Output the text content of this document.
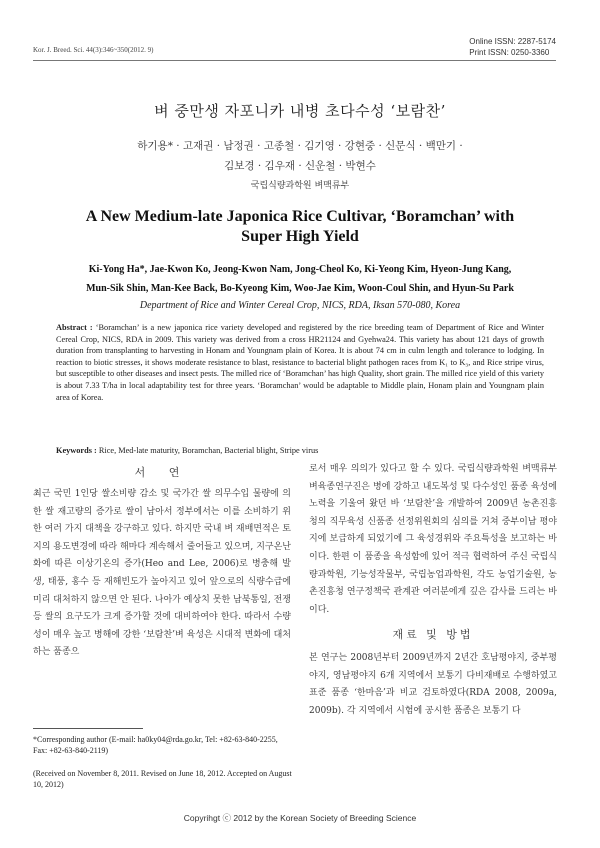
Kor. J. Breed. Sci. 44(3):346~350(2012. 9)
Online ISSN: 2287-5174
Print ISSN: 0250-3360
벼 중만생 자포니카 내병 초다수성 ‘보람찬’
하기용* · 고재권 · 남정권 · 고종철 · 김기영 · 강현중 · 신문식 · 백만기 ·
김보경 · 김우재 · 신운철 · 박현수
국립식량과학원 벼맥류부
A New Medium-late Japonica Rice Cultivar, ‘Boramchan’ with
Super High Yield
Ki-Yong Ha*, Jae-Kwon Ko, Jeong-Kwon Nam, Jong-Cheol Ko, Ki-Yeong Kim, Hyeon-Jung Kang,
Mun-Sik Shin, Man-Kee Back, Bo-Kyeong Kim, Woo-Jae Kim, Woon-Coul Shin, and Hyun-Su Park
Department of Rice and Winter Cereal Crop, NICS, RDA, Iksan 570-080, Korea
Abstract : ‘Boramchan’ is a new japonica rice variety developed and registered by the rice breeding team of Department of Rice and Winter Cereal Crop, NICS, RDA in 2009. This variety was derived from a cross HR21124 and Gyehwa24. This variety has about 121 days of growth duration from transplanting to harvesting in Honam and Youngnam plain of Korea. It is about 74 cm in culm length and tolerance to lodging. In reaction to biotic stresses, it shows moderate resistance to blast, resistance to bacterial blight pathogen races from K₁ to K₃, and Rice stripe virus, but susceptible to other diseases and insect pests. The milled rice of ‘Boramchan’ has high Quality, short grain. The milled rice yield of this variety is about 7.33 T/ha in local adaptability test for three years. ‘Boramchan’ would be adaptable to Middle plain, Honam plain and Youngnam plain area of Korea.
Keywords : Rice, Med-late maturity, Boramchan, Bacterial blight, Stripe virus
서 연
최근 국민 1인당 쌀소비량 감소 및 국가간 쌀 의무수입 물량에 의한 쌀 재고량의 증가로 쌀이 남아서 정부에서는 이를 소비하기 위한 여러 가지 대책을 강구하고 있다. 하지만 국내 벼 재배면적은 토지의 용도변경에 따라 해마다 계속해서 줄어들고 있으며, 지구온난화에 따른 이상기온의 증가(Heo and Lee, 2006)로 병충해 발생, 태풍, 홍수 등 재해빈도가 높아지고 있어 앞으로의 식량수급에 미리 대처하지 않으면 안 된다. 나아가 예상치 못한 남북통일, 전쟁 등 쌀의 요구도가 크게 증가할 것에 대비하여야 한다. 따라서 수량성이 매우 높고 병해에 강한 ‘보람찬’벼 육성은 시대적 변화에 대처하는 품종으
로서 매우 의의가 있다고 할 수 있다. 국립식량과학원 벼맥류부 벼육종연구진은 병에 강하고 내도복성 및 다수성인 품종 육성에 노력을 기울여 왔던 바 ‘보람찬’을 개발하여 2009년 농촌진흥청의 직무육성 신품종 선정위원회의 심의를 거쳐 중부이남 평야지에 보급하게 되었기에 그 육성경위와 주요특성을 보고하는 바이다. 한편 이 품종을 육성함에 있어 적극 협력하여 주신 국립식량과학원, 기능성작물부, 국립농업과학원, 각도 농업기술원, 농촌진흥청 연구정책국 관계관 여러분에게 깊은 감사를 드리는 바이다.
재료 및 방법
본 연구는 2008년부터 2009년까지 2년간 호남평야지, 중부평야지, 영남평야지 6개 지역에서 보통기 다비재배로 수행하였고 표준 품종 ‘한마음’과 비교 검토하였다(RDA 2008, 2009a, 2009b). 각 지역에서 시험에 공시한 품종은 보통기 다
*Corresponding author (E-mail: ha0ky04@rda.go.kr, Tel: +82-63-840-2255, Fax: +82-63-840-2119)
(Received on November 8, 2011. Revised on June 18, 2012. Accepted on August 10, 2012)
Copyrihgt ⓒ 2012 by the Korean Society of Breeding Science
